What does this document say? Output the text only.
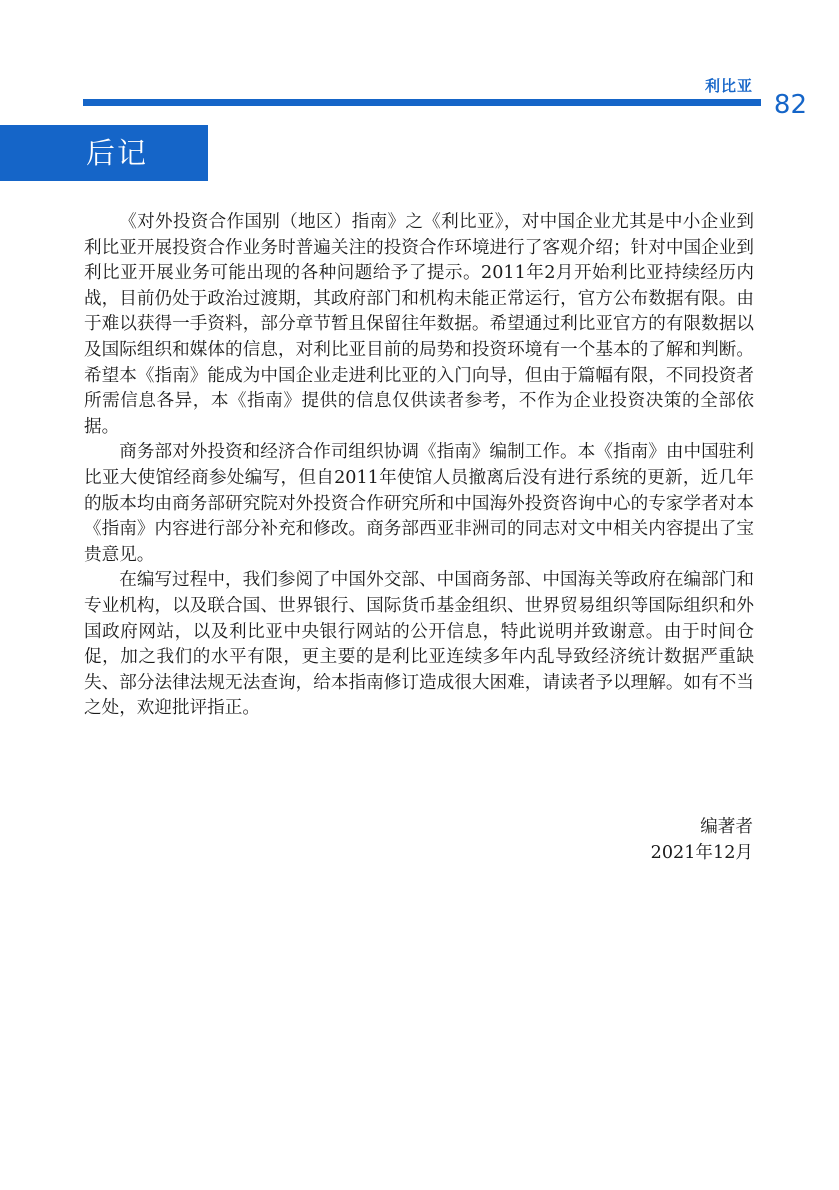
利比亚
82
后记

《对外投资合作国别（地区）指南》之《利比亚》，对中国企业尤其是中小企业到利比亚开展投资合作业务时普遍关注的投资合作环境进行了客观介绍；针对中国企业到利比亚开展业务可能出现的各种问题给予了提示。2011年2月开始利比亚持续经历内战，目前仍处于政治过渡期，其政府部门和机构未能正常运行，官方公布数据有限。由于难以获得一手资料，部分章节暂且保留往年数据。希望通过利比亚官方的有限数据以及国际组织和媒体的信息，对利比亚目前的局势和投资环境有一个基本的了解和判断。希望本《指南》能成为中国企业走进利比亚的入门向导，但由于篇幅有限，不同投资者所需信息各异，本《指南》提供的信息仅供读者参考，不作为企业投资决策的全部依据。

商务部对外投资和经济合作司组织协调《指南》编制工作。本《指南》由中国驻利比亚大使馆经商参处编写，但自2011年使馆人员撤离后没有进行系统的更新，近几年的版本均由商务部研究院对外投资合作研究所和中国海外投资咨询中心的专家学者对本《指南》内容进行部分补充和修改。商务部西亚非洲司的同志对文中相关内容提出了宝贵意见。

在编写过程中，我们参阅了中国外交部、中国商务部、中国海关等政府在编部门和专业机构，以及联合国、世界银行、国际货币基金组织、世界贸易组织等国际组织和外国政府网站，以及利比亚中央银行网站的公开信息，特此说明并致谢意。由于时间仓促，加之我们的水平有限，更主要的是利比亚连续多年内乱导致经济统计数据严重缺失、部分法律法规无法查询，给本指南修订造成很大困难，请读者予以理解。如有不当之处，欢迎批评指正。

编著者
2021年12月
